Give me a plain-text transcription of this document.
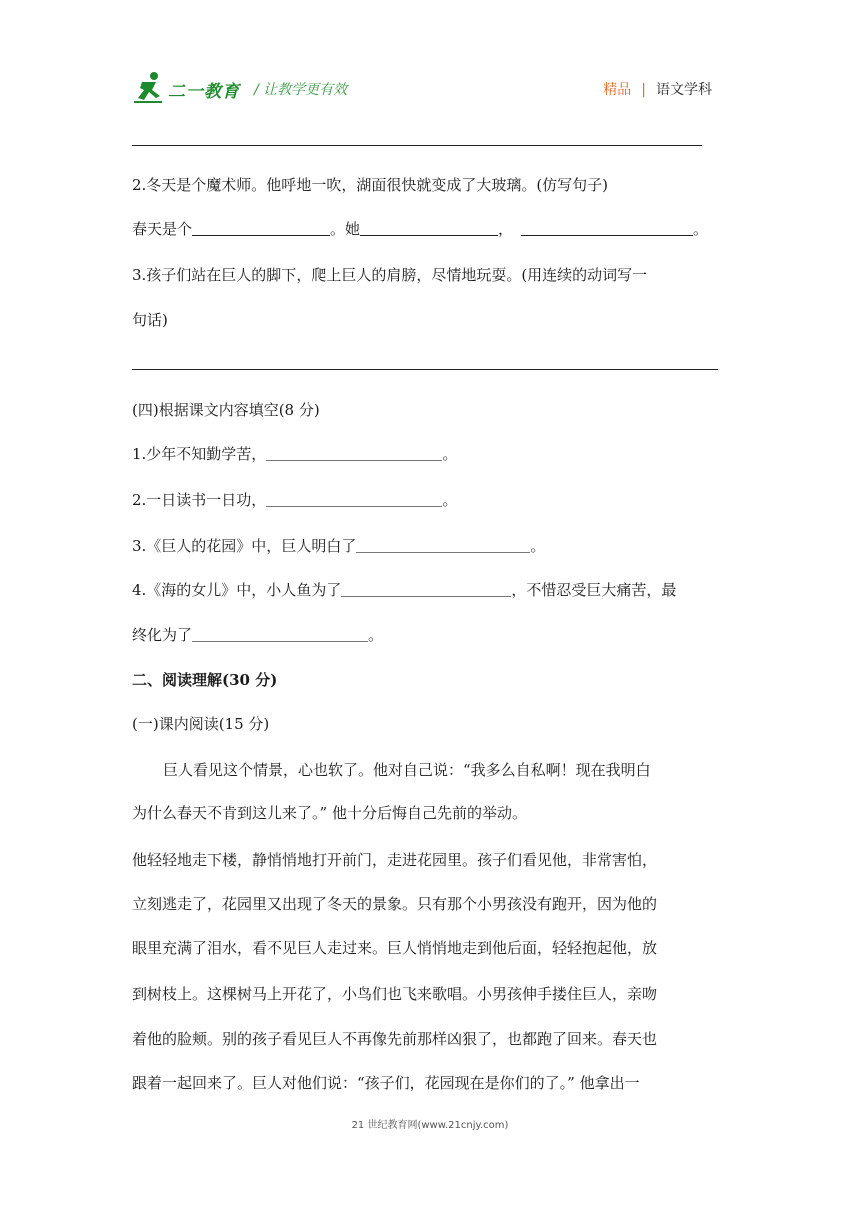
二一教育 / 让教学更有效	精品 | 语文学科
2.冬天是个魔术师。他呼地一吹，湖面很快就变成了大玻璃。(仿写句子)
春天是个	。她	，	。
3.孩子们站在巨人的脚下，爬上巨人的肩膀，尽情地玩耍。(用连续的动词写一
句话)
(四)根据课文内容填空(8 分)
1.少年不知勤学苦，	。
2.一日读书一日功，	。
3.《巨人的花园》中，巨人明白了	。
4.《海的女儿》中，小人鱼为了	，不惜忍受巨大痛苦，最
终化为了	。
二、阅读理解(30 分)
(一)课内阅读(15 分)
巨人看见这个情景，心也软了。他对自己说：“我多么自私啊！现在我明白
为什么春天不肯到这儿来了。” 他十分后悔自己先前的举动。
他轻轻地走下楼，静悄悄地打开前门，走进花园里。孩子们看见他，非常害怕，
立刻逃走了，花园里又出现了冬天的景象。只有那个小男孩没有跑开，因为他的
眼里充满了泪水，看不见巨人走过来。巨人悄悄地走到他后面，轻轻抱起他，放
到树枝上。这棵树马上开花了，小鸟们也飞来歌唱。小男孩伸手搂住巨人，亲吻
着他的脸颊。别的孩子看见巨人不再像先前那样凶狠了，也都跑了回来。春天也
跟着一起回来了。巨人对他们说：“孩子们，花园现在是你们的了。” 他拿出一
21 世纪教育网(www.21cnjy.com)
